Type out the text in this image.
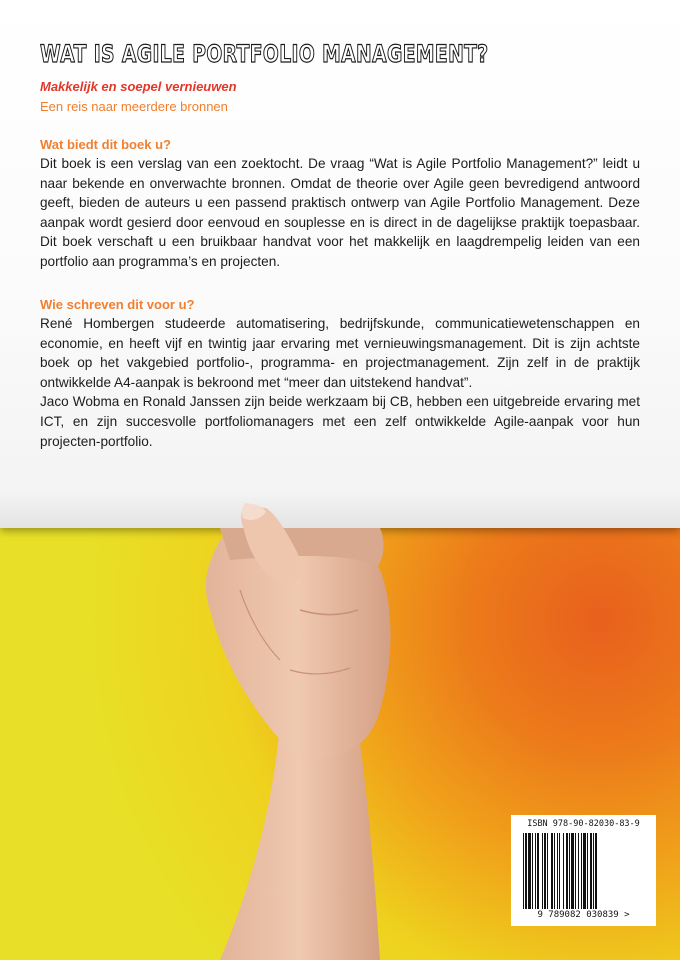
WAT IS AGILE PORTFOLIO MANAGEMENT?
Makkelijk en soepel vernieuwen
Een reis naar meerdere bronnen
Wat biedt dit boek u?

Dit boek is een verslag van een zoektocht. De vraag “Wat is Agile Portfolio Management?” leidt u naar bekende en onverwachte bronnen. Omdat de theorie over Agile geen bevredigend antwoord geeft, bieden de auteurs u een passend praktisch ontwerp van Agile Portfolio Management. Deze aanpak wordt gesierd door eenvoud en souplesse en is direct in de dagelijkse praktijk toepasbaar. Dit boek verschaft u een bruikbaar handvat voor het makkelijk en laagdrempelig leiden van een portfolio aan programma’s en projecten.

Wie schreven dit voor u?

René Hombergen studeerde automatisering, bedrijfskunde, communicatiewetenschappen en economie, en heeft vijf en twintig jaar ervaring met vernieuwingsmanagement. Dit is zijn achtste boek op het vakgebied portfolio-, programma- en projectmanagement. Zijn zelf in de praktijk ontwikkelde A4-aanpak is bekroond met “meer dan uitstekend handvat”.

Jaco Wobma en Ronald Janssen zijn beide werkzaam bij CB, hebben een uitgebreide ervaring met ICT, en zijn succesvolle portfoliomanagers met een zelf ontwikkelde Agile-aanpak voor hun projecten-portfolio.

ISBN 978-90-82030-83-9
9 789082 030839 >
